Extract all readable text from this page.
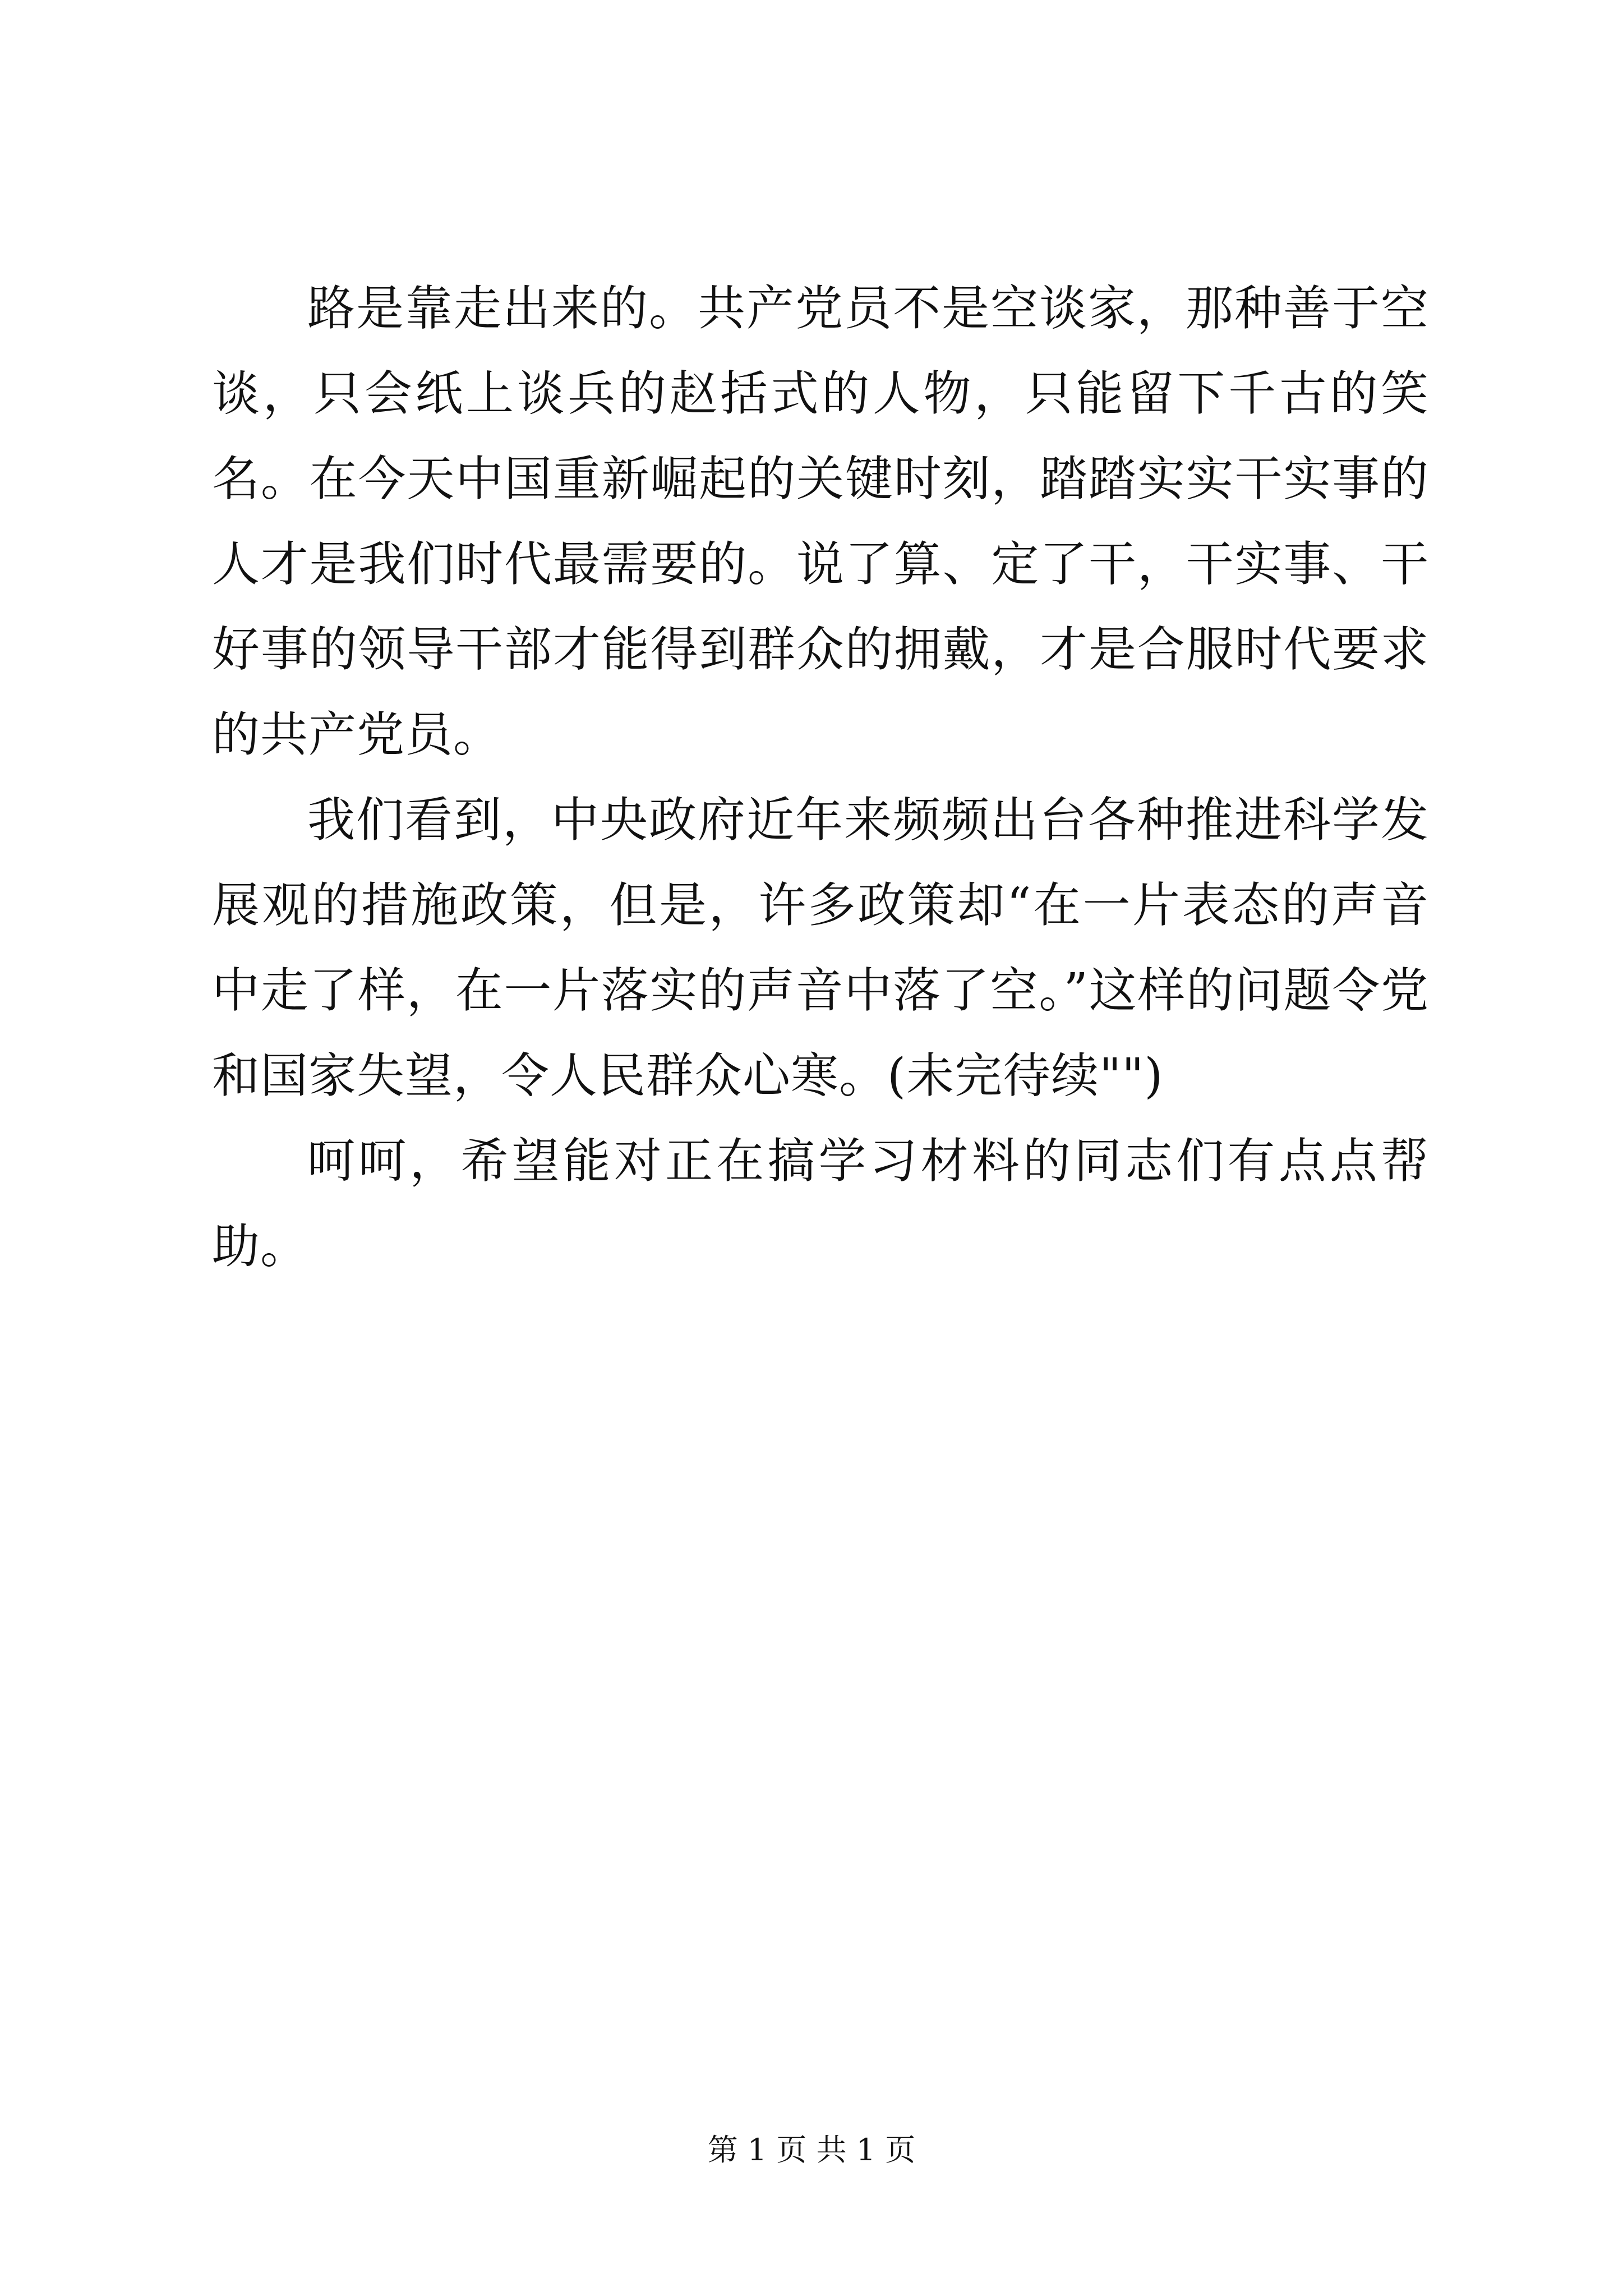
路是靠走出来的。共产党员不是空谈家，那种善于空谈，只会纸上谈兵的赵括式的人物，只能留下千古的笑名。在今天中国重新崛起的关键时刻，踏踏实实干实事的人才是我们时代最需要的。说了算、定了干，干实事、干好事的领导干部才能得到群众的拥戴，才是合服时代要求的共产党员。

我们看到，中央政府近年来频频出台各种推进科学发展观的措施政策，但是，许多政策却“在一片表态的声音中走了样，在一片落实的声音中落了空。”这样的问题令党和国家失望，令人民群众心寒。(未完待续"")

呵呵，希望能对正在搞学习材料的同志们有点点帮助。

第 1 页 共 1 页
